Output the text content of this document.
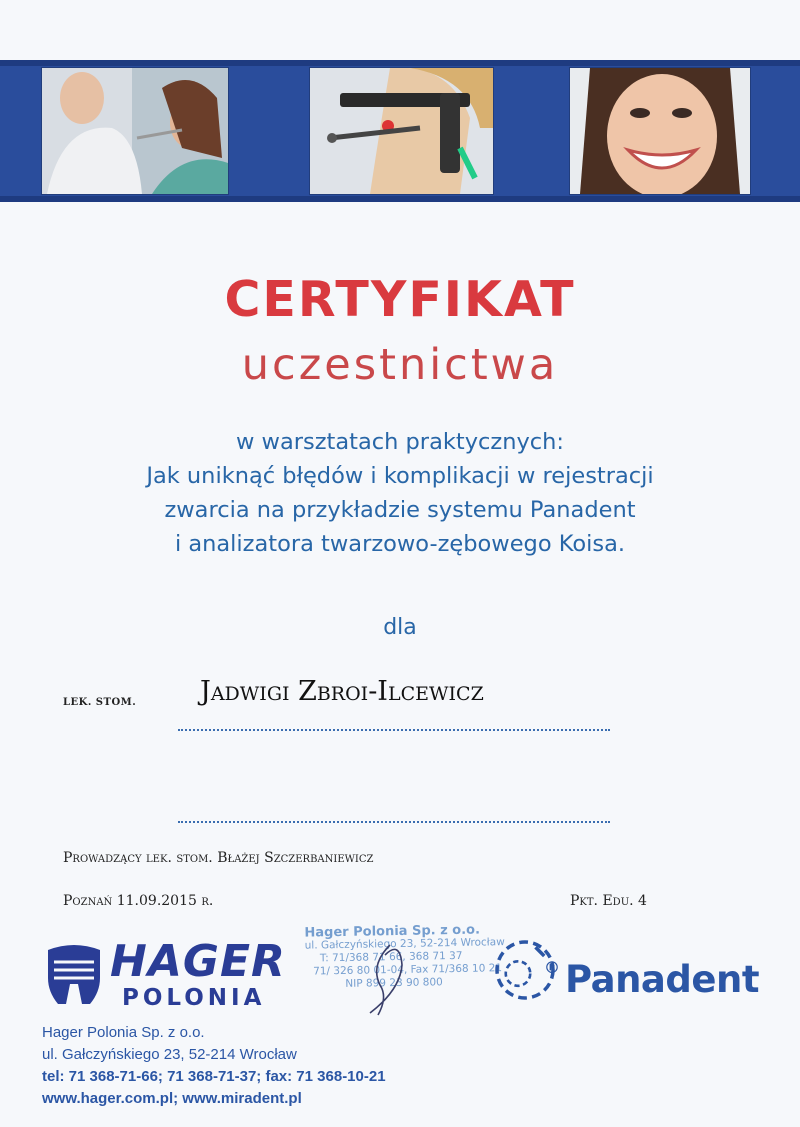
CERTYFIKAT
uczestnictwa
w warsztatach praktycznych:
Jak uniknąć błędów i komplikacji w rejestracji
zwarcia na przykładzie systemu Panadent
i analizatora twarzowo-zębowego Koisa.
dla
LEK. STOM. Jadwigi Zbroi-Ilcewicz
Prowadzący lek. stom. Błażej Szczerbaniewicz
Poznań 11.09.2015 r.	Pkt. Edu. 4
HAGER
POLONIA
Hager Polonia Sp. z o.o.
ul. Gałczyńskiego 23, 52-214 Wrocław
T: 71/368 71 66, 368 71 37
71/ 326 80 01-04, Fax 71/368 10 21
NIP 899 23 90 800
® Panadent
Hager Polonia Sp. z o.o.
ul. Gałczyńskiego 23, 52-214 Wrocław
tel: 71 368-71-66; 71 368-71-37; fax: 71 368-10-21
www.hager.com.pl; www.miradent.pl
